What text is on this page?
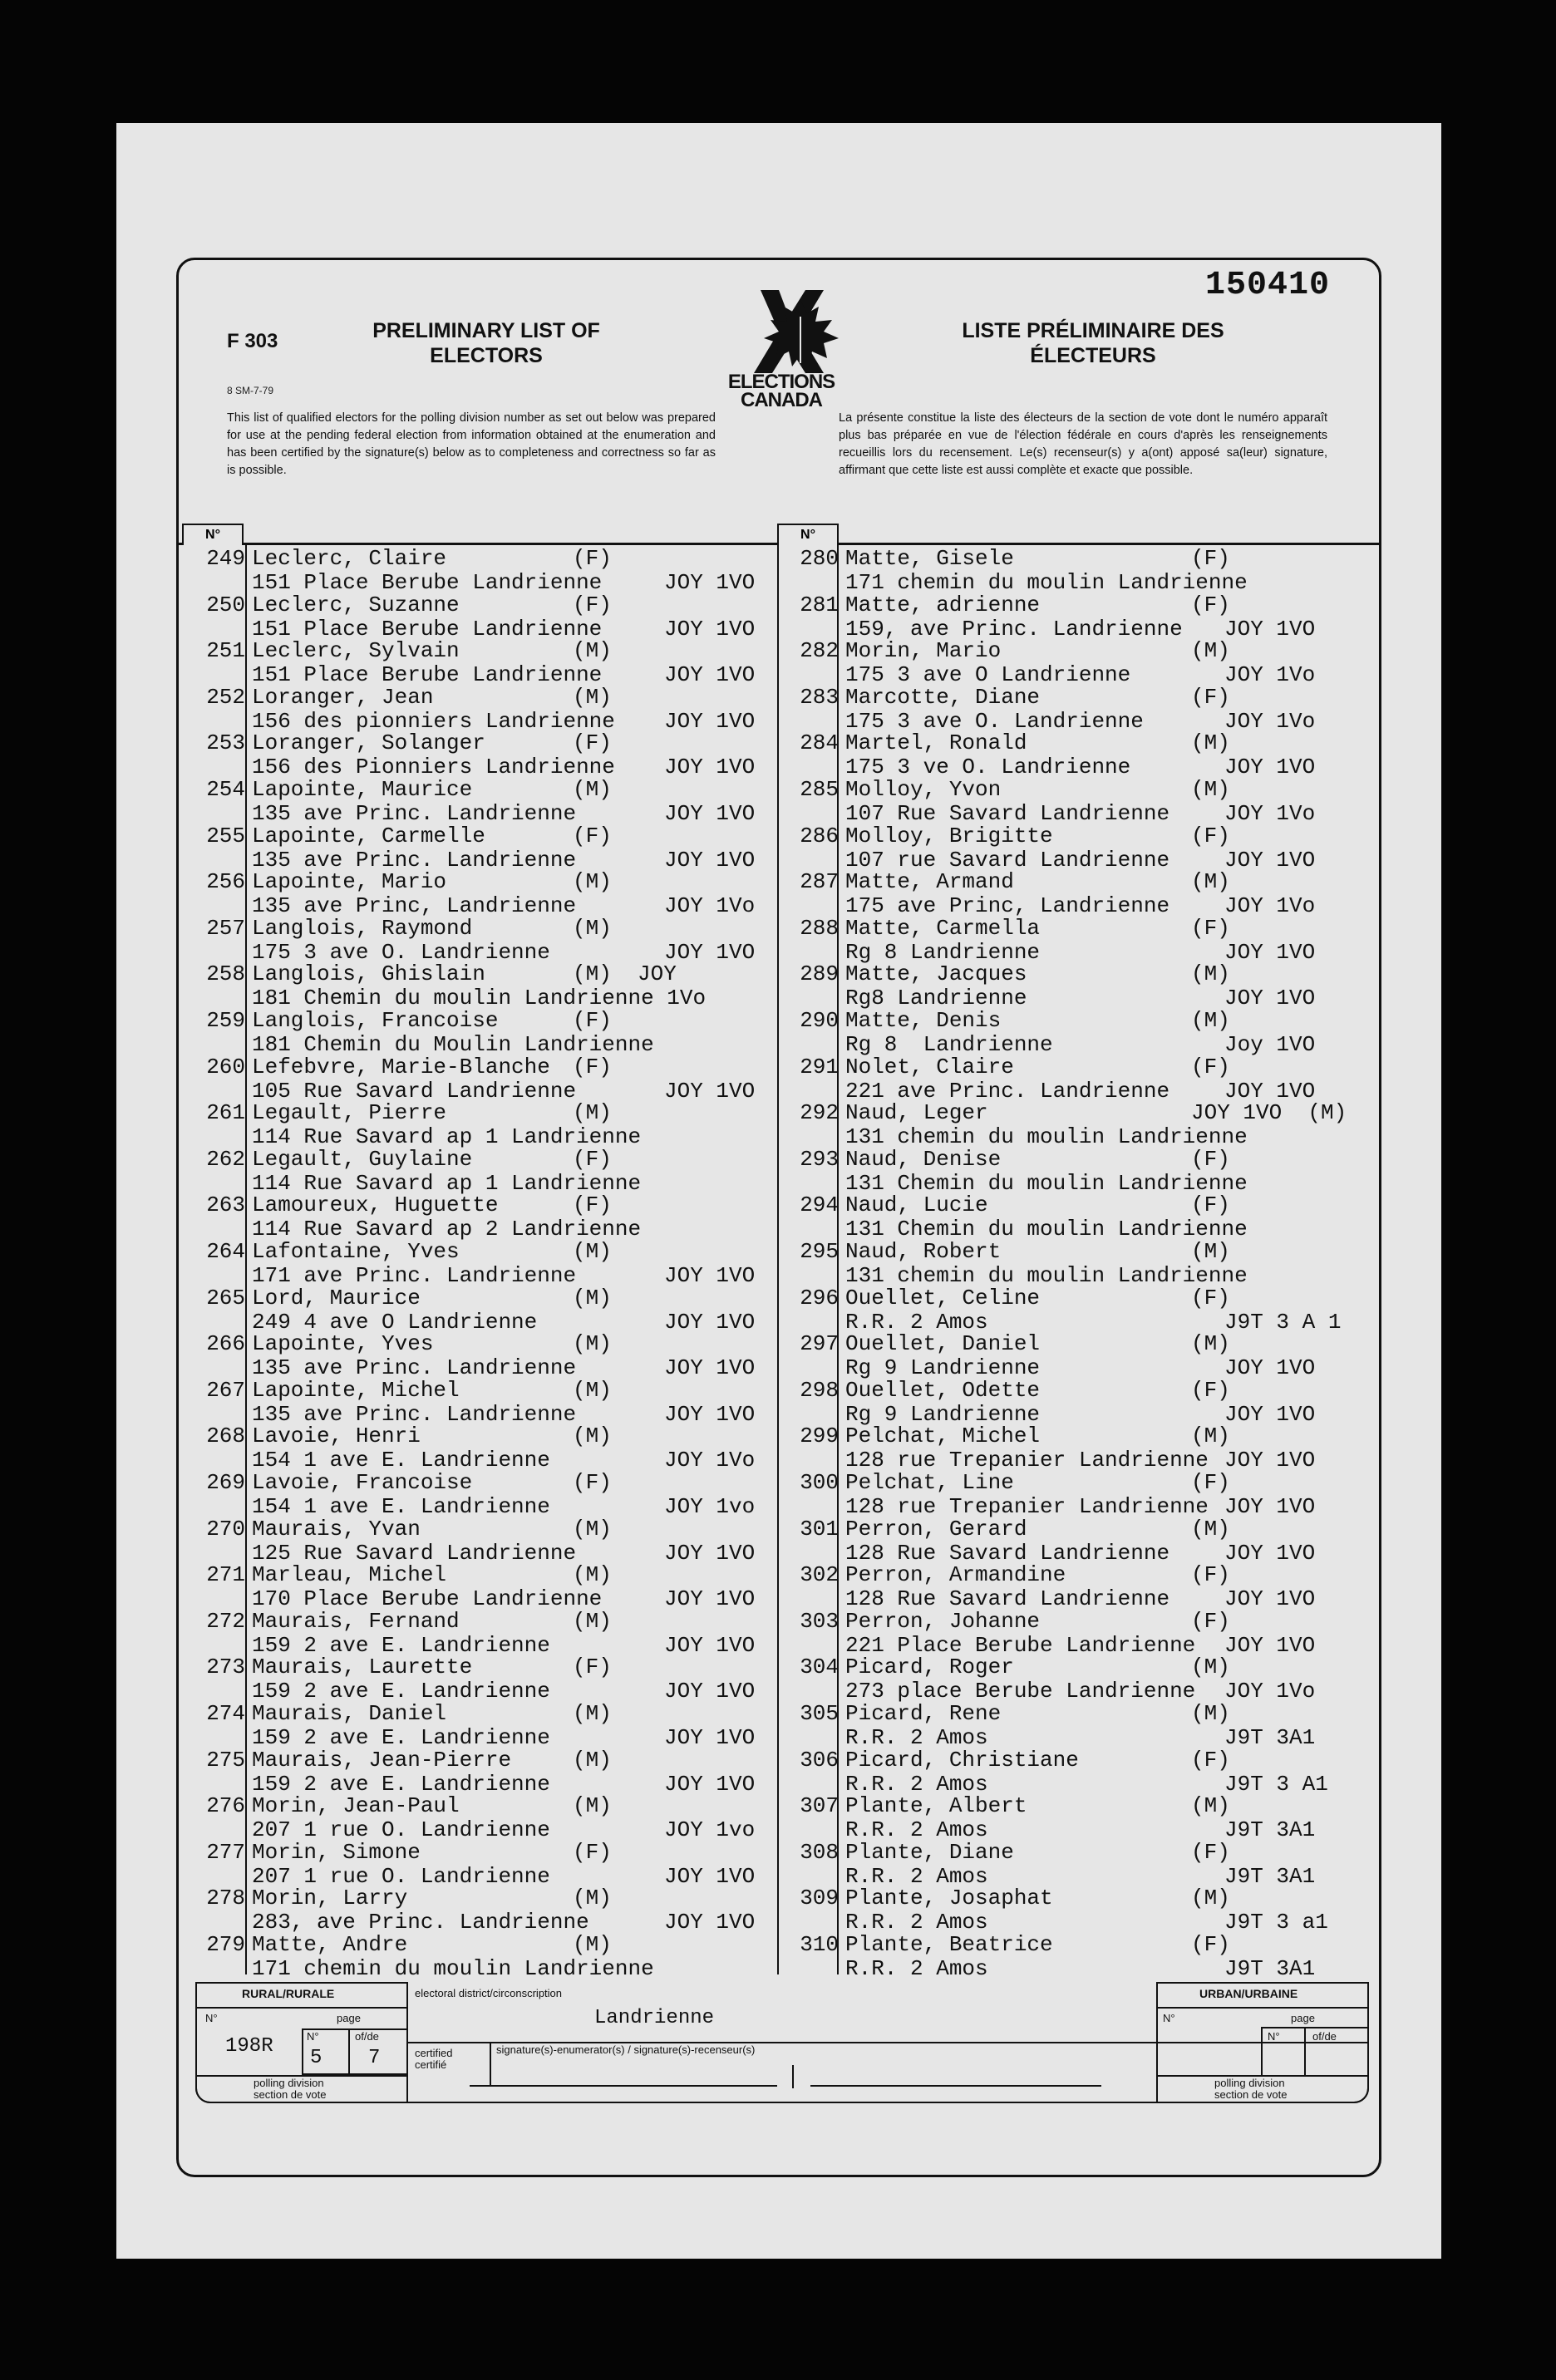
150410
F 303
8 SM-7-79
PRELIMINARY LIST OF
ELECTORS
ELECTIONS
CANADA
LISTE PRÉLIMINAIRE DES
ÉLECTEURS
This list of qualified electors for the polling division number as set out below was prepared for use at the pending federal election from information obtained at the enumeration and has been certified by the signature(s) below as to completeness and correctness so far as is possible.
La présente constitue la liste des électeurs de la section de vote dont le numéro apparaît plus bas préparée en vue de l'élection fédérale en cours d'après les renseignements recueillis lors du recensement. Le(s) recenseur(s) y a(ont) apposé sa(leur) signature, affirmant que cette liste est aussi complète et exacte que possible.
N°	N°
249 Leclerc, Claire	(F)
151 Place Berube Landrienne	JOY 1VO
250 Leclerc, Suzanne	(F)
151 Place Berube Landrienne	JOY 1VO
251 Leclerc, Sylvain	(M)
151 Place Berube Landrienne	JOY 1VO
252 Loranger, Jean	(M)
156 des pionniers Landrienne JOY 1VO
253 Loranger, Solanger	(F)
156 des Pionniers Landrienne JOY 1VO
254 Lapointe, Maurice	(M)
135 ave Princ. Landrienne	JOY 1VO
255 Lapointe, Carmelle	(F)
135 ave Princ. Landrienne	JOY 1VO
256 Lapointe, Mario	(M)
135 ave Princ, Landrienne	JOY 1Vo
257 Langlois, Raymond	(M)
175 3 ave O. Landrienne	JOY 1VO
258 Langlois, Ghislain	(M)  JOY
181 Chemin du moulin Landrienne 1Vo
259 Langlois, Francoise	(F)
181 Chemin du Moulin Landrienne
260 Lefebvre, Marie-Blanche (F)
105 Rue Savard Landrienne	JOY 1VO
261 Legault, Pierre	(M)
114 Rue Savard ap 1 Landrienne
262 Legault, Guylaine	(F)
114 Rue Savard ap 1 Landrienne
263 Lamoureux, Huguette	(F)
114 Rue Savard ap 2 Landrienne
264 Lafontaine, Yves	(M)
171 ave Princ. Landrienne	JOY 1VO
265 Lord, Maurice	(M)
249 4 ave O Landrienne	JOY 1VO
266 Lapointe, Yves	(M)
135 ave Princ. Landrienne	JOY 1VO
267 Lapointe, Michel	(M)
135 ave Princ. Landrienne	JOY 1VO
268 Lavoie, Henri	(M)
154 1 ave E. Landrienne	JOY 1Vo
269 Lavoie, Francoise	(F)
154 1 ave E. Landrienne	JOY 1vo
270 Maurais, Yvan	(M)
125 Rue Savard Landrienne	JOY 1VO
271 Marleau, Michel	(M)
170 Place Berube Landrienne	JOY 1VO
272 Maurais, Fernand	(M)
159 2 ave E. Landrienne	JOY 1VO
273 Maurais, Laurette	(F)
159 2 ave E. Landrienne	JOY 1VO
274 Maurais, Daniel	(M)
159 2 ave E. Landrienne	JOY 1VO
275 Maurais, Jean-Pierre	(M)
159 2 ave E. Landrienne	JOY 1VO
276 Morin, Jean-Paul	(M)
207 1 rue O. Landrienne	JOY 1vo
277 Morin, Simone	(F)
207 1 rue O. Landrienne	JOY 1VO
278 Morin, Larry	(M)
283, ave Princ. Landrienne	JOY 1VO
279 Matte, Andre	(M)
171 chemin du moulin Landrienne
280 Matte, Gisele	(F)
171 chemin du moulin Landrienne
281 Matte, adrienne	(F)
159, ave Princ. Landrienne JOY 1VO
282 Morin, Mario	(M)
175 3 ave O Landrienne	JOY 1Vo
283 Marcotte, Diane	(F)
175 3 ave O. Landrienne	JOY 1Vo
284 Martel, Ronald	(M)
175 3 ve O. Landrienne	JOY 1VO
285 Molloy, Yvon	(M)
107 Rue Savard Landrienne	JOY 1Vo
286 Molloy, Brigitte	(F)
107 rue Savard Landrienne	JOY 1VO
287 Matte, Armand	(M)
175 ave Princ, Landrienne	JOY 1Vo
288 Matte, Carmella	(F)
Rg 8 Landrienne	JOY 1VO
289 Matte, Jacques	(M)
Rg8 Landrienne	JOY 1VO
290 Matte, Denis	(M)
Rg 8  Landrienne	Joy 1VO
291 Nolet, Claire	(F)
221 ave Princ. Landrienne	JOY 1VO
292 Naud, Leger	JOY 1VO  (M)
131 chemin du moulin Landrienne
293 Naud, Denise	(F)
131 Chemin du moulin Landrienne
294 Naud, Lucie	(F)
131 Chemin du moulin Landrienne
295 Naud, Robert	(M)
131 chemin du moulin Landrienne
296 Ouellet, Celine	(F)
R.R. 2 Amos	J9T 3 A 1
297 Ouellet, Daniel	(M)
Rg 9 Landrienne	JOY 1VO
298 Ouellet, Odette	(F)
Rg 9 Landrienne	JOY 1VO
299 Pelchat, Michel	(M)
128 rue Trepanier Landrienne JOY 1VO
300 Pelchat, Line	(F)
128 rue Trepanier Landrienne JOY 1VO
301 Perron, Gerard	(M)
128 Rue Savard Landrienne	JOY 1VO
302 Perron, Armandine	(F)
128 Rue Savard Landrienne	JOY 1VO
303 Perron, Johanne	(F)
221 Place Berube Landrienne JOY 1VO
304 Picard, Roger	(M)
273 place Berube Landrienne JOY 1Vo
305 Picard, Rene	(M)
R.R. 2 Amos	J9T 3A1
306 Picard, Christiane	(F)
R.R. 2 Amos	J9T 3 A1
307 Plante, Albert	(M)
R.R. 2 Amos	J9T 3A1
308 Plante, Diane	(F)
R.R. 2 Amos	J9T 3A1
309 Plante, Josaphat	(M)
R.R. 2 Amos	J9T 3 a1
310 Plante, Beatrice	(F)
R.R. 2 Amos	J9T 3A1
RURAL/RURALE
N°	page
198R	N°
5
of/de
7
polling division
section de vote
electoral district/circonscription
Landrienne
certified
certifié
signature(s)-enumerator(s) / signature(s)-recenseur(s)
URBAN/URBAINE
N°	page
N°	of/de
polling division
section de vote
